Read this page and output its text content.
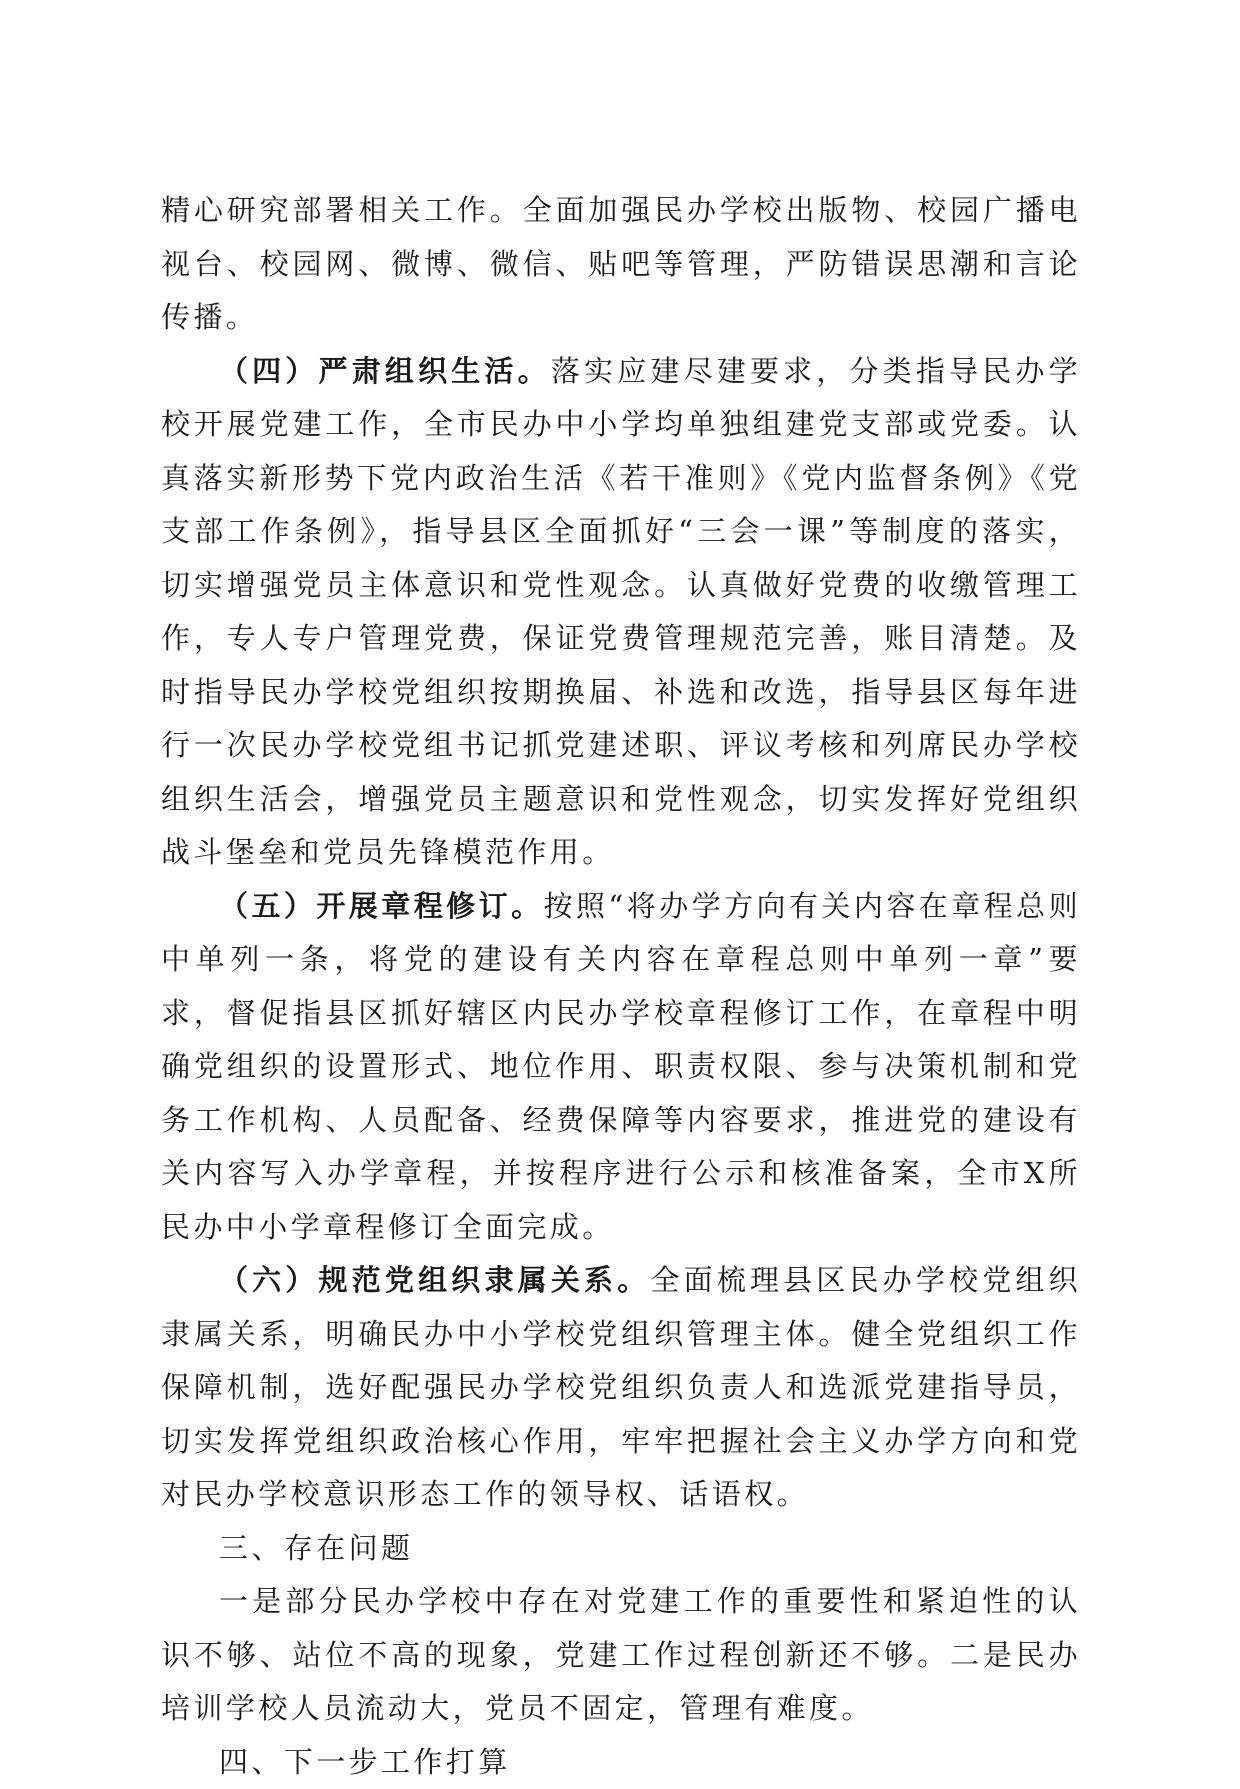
精心研究部署相关工作。全面加强民办学校出版物、校园广播电视台、校园网、微博、微信、贴吧等管理，严防错误思潮和言论传播。

（四）严肃组织生活。落实应建尽建要求，分类指导民办学校开展党建工作，全市民办中小学均单独组建党支部或党委。认真落实新形势下党内政治生活《若干准则》《党内监督条例》《党支部工作条例》，指导县区全面抓好“三会一课”等制度的落实，切实增强党员主体意识和党性观念。认真做好党费的收缴管理工作，专人专户管理党费，保证党费管理规范完善，账目清楚。及时指导民办学校党组织按期换届、补选和改选，指导县区每年进行一次民办学校党组书记抓党建述职、评议考核和列席民办学校组织生活会，增强党员主题意识和党性观念，切实发挥好党组织战斗堡垒和党员先锋模范作用。

（五）开展章程修订。按照“将办学方向有关内容在章程总则中单列一条，将党的建设有关内容在章程总则中单列一章”要求，督促指县区抓好辖区内民办学校章程修订工作，在章程中明确党组织的设置形式、地位作用、职责权限、参与决策机制和党务工作机构、人员配备、经费保障等内容要求，推进党的建设有关内容写入办学章程，并按程序进行公示和核准备案，全市X所民办中小学章程修订全面完成。

（六）规范党组织隶属关系。全面梳理县区民办学校党组织隶属关系，明确民办中小学校党组织管理主体。健全党组织工作保障机制，选好配强民办学校党组织负责人和选派党建指导员，切实发挥党组织政治核心作用，牢牢把握社会主义办学方向和党对民办学校意识形态工作的领导权、话语权。

三、存在问题

一是部分民办学校中存在对党建工作的重要性和紧迫性的认识不够、站位不高的现象，党建工作过程创新还不够。二是民办培训学校人员流动大，党员不固定，管理有难度。

四、下一步工作打算
